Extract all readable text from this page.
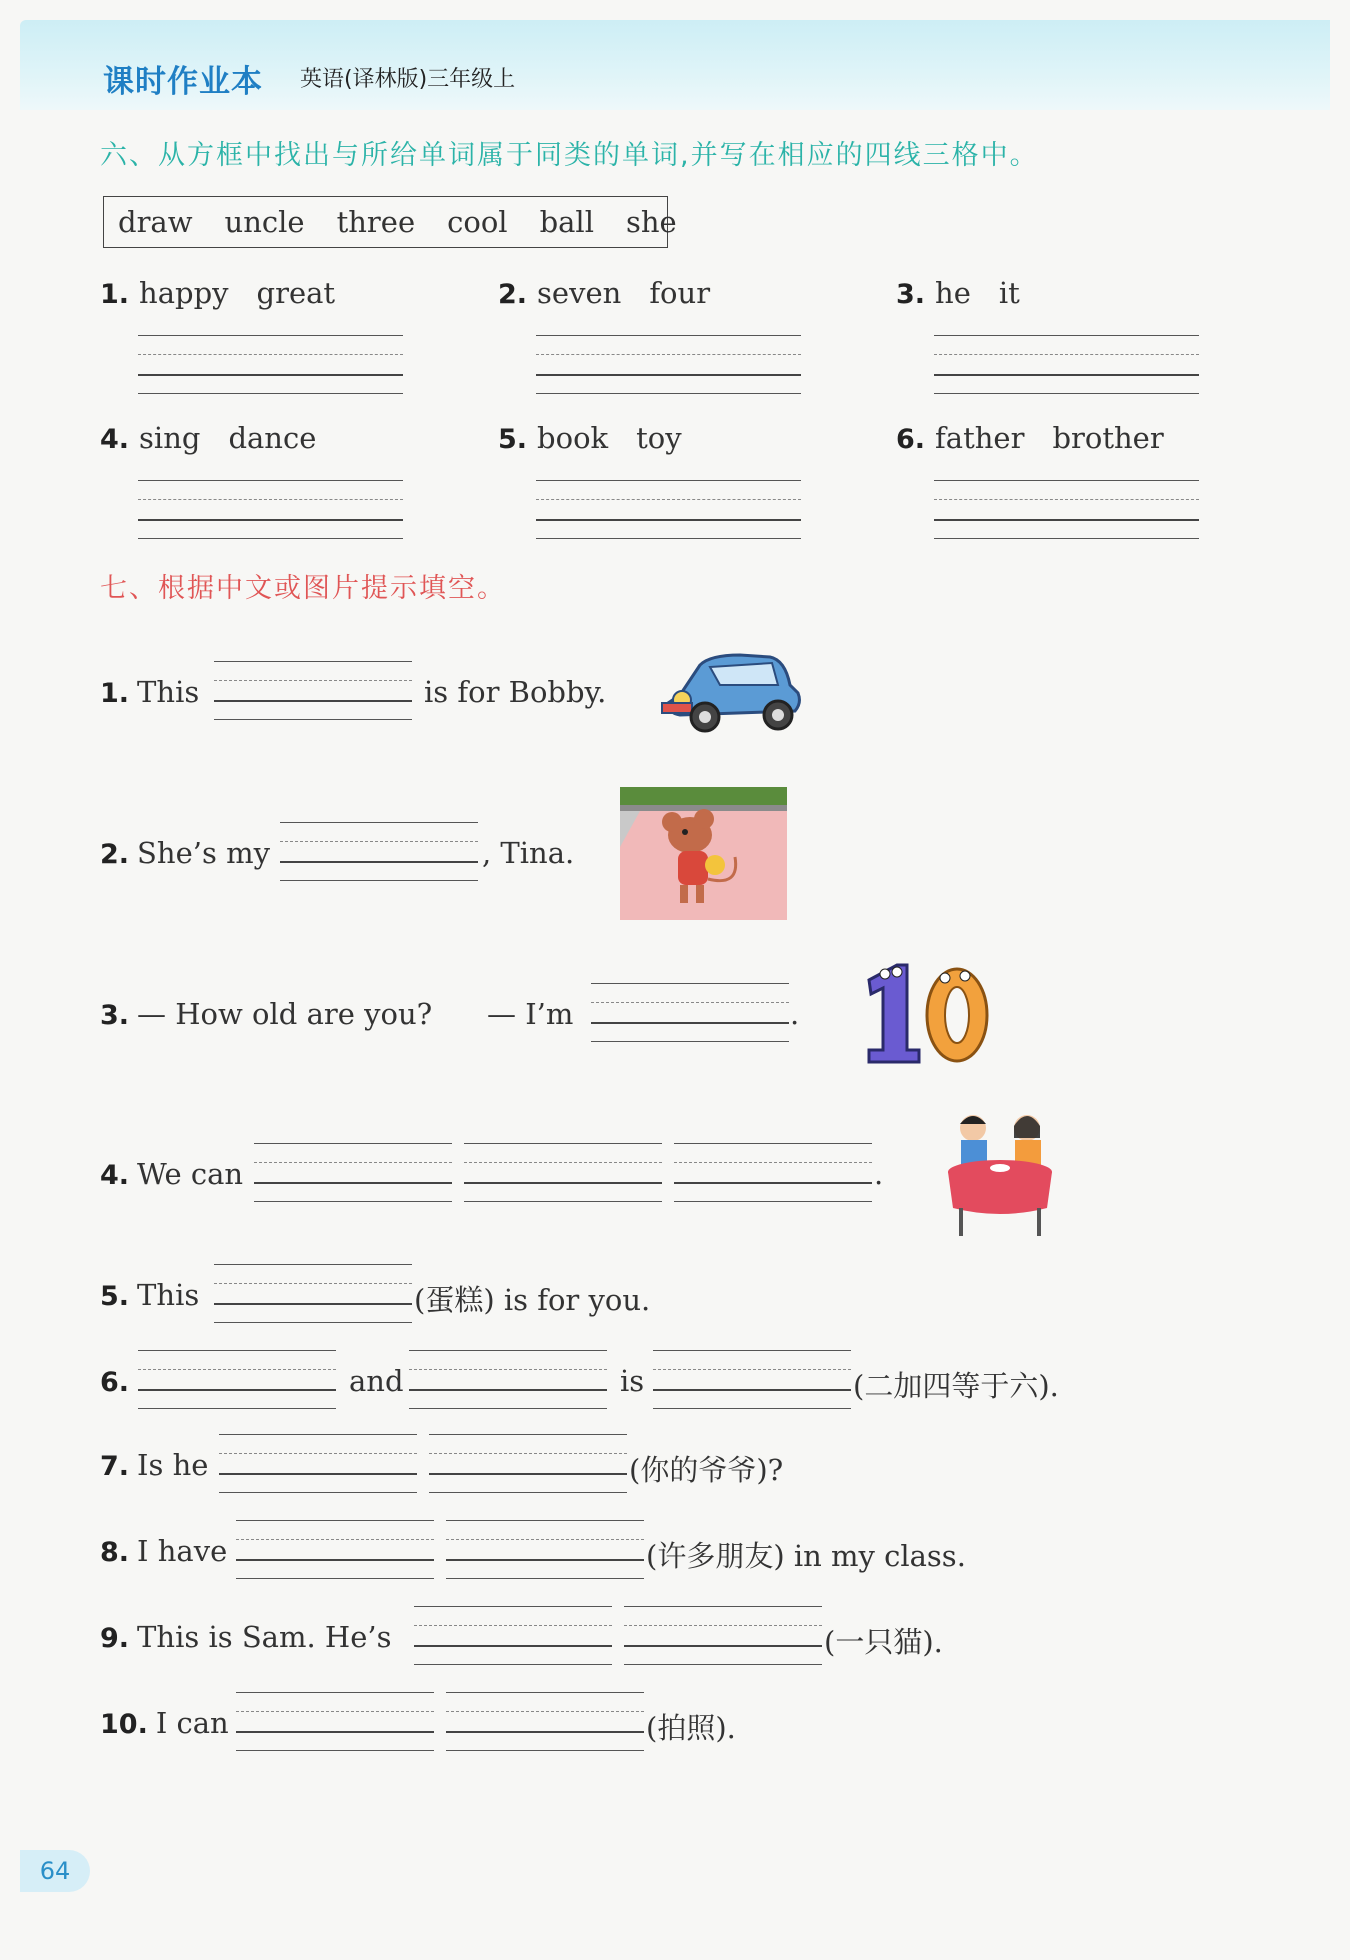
课时作业本 英语(译林版)三年级上
六、从方框中找出与所给单词属于同类的单词,并写在相应的四线三格中。
draw uncle three cool ball she
1. happy great	2. seven four	3. he it
4. sing dance	5. book toy	6. father brother
七、根据中文或图片提示填空。
1. This	is for Bobby.
2. She’s my	, Tina.
3. — How old are you? — I’m	.
4. We can	.
5. This	(蛋糕) is for you.
6.	and	is	(二加四等于六).
7. Is he	(你的爷爷)?
8. I have	(许多朋友) in my class.
9. This is Sam. He’s	(一只猫).
10. I can	(拍照).
64
